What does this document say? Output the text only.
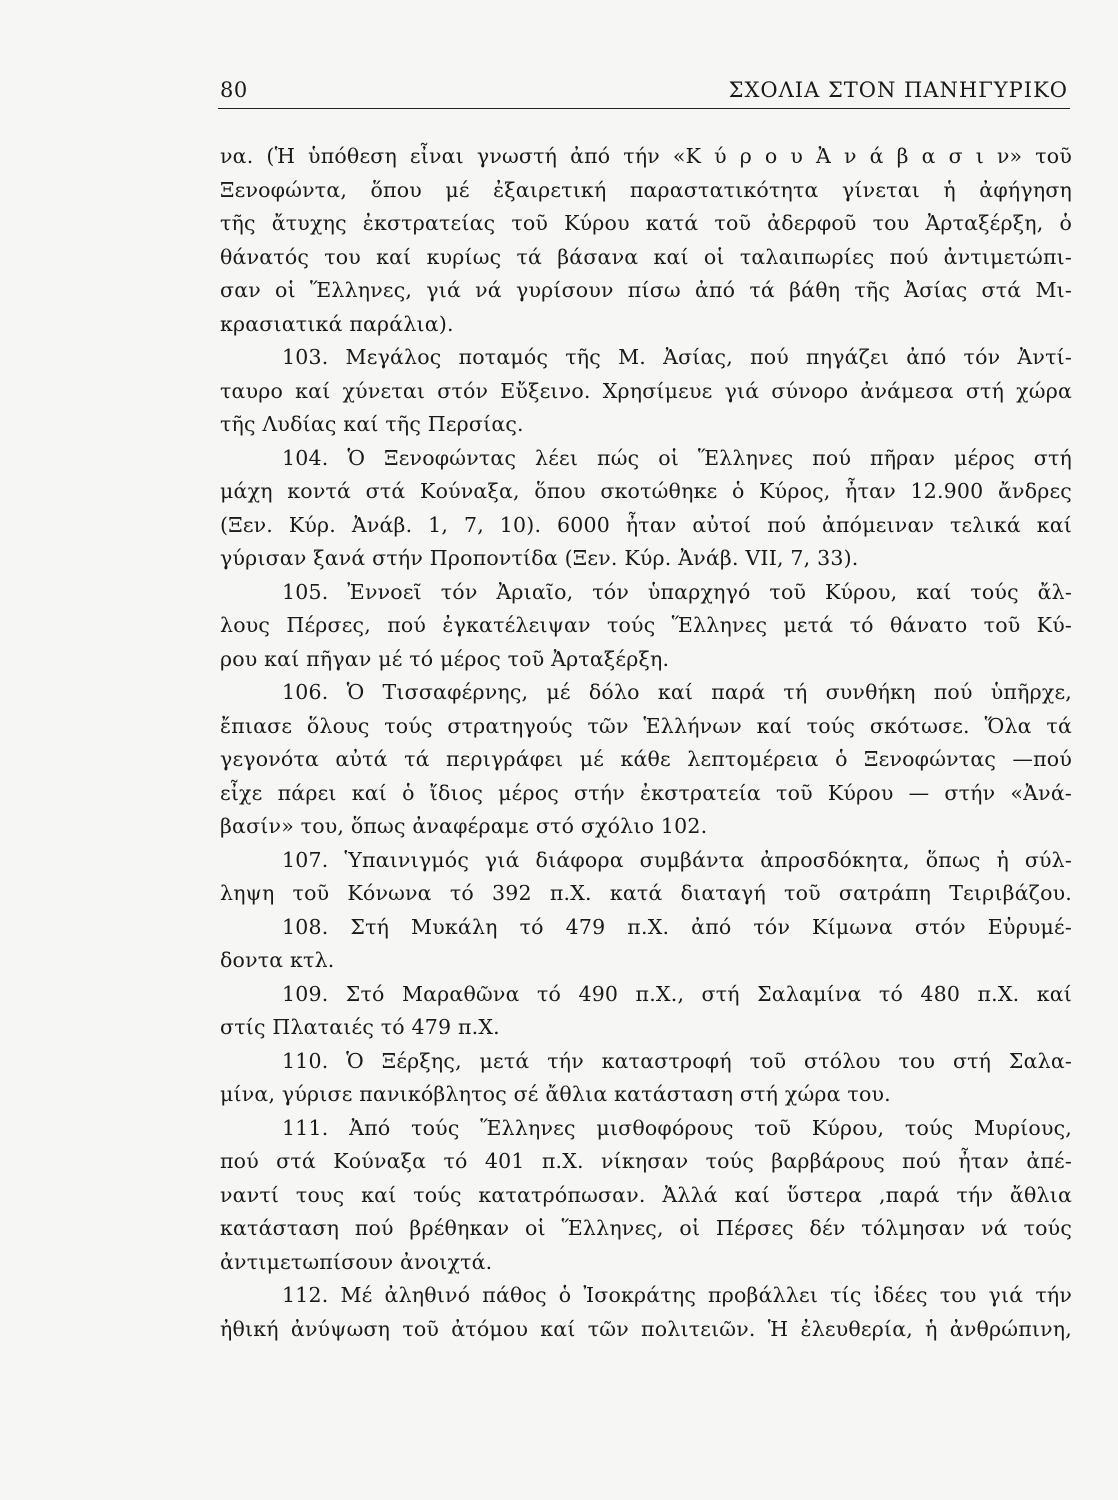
80	ΣΧΟΛΙΑ ΣΤΟΝ ΠΑΝΗΓΥΡΙΚΟ
να. (Ἡ ὑπόθεση εἶναι γνωστή ἀπό τήν «Κ ύ ρ ο υ Ἀ ν ά β α σ ι ν» τοῦ
Ξενοφώντα, ὅπου μέ ἐξαιρετική παραστατικότητα γίνεται ἡ ἀφήγηση
τῆς ἄτυχης ἐκστρατείας τοῦ Κύρου κατά τοῦ ἀδερφοῦ του Ἀρταξέρξη, ὁ
θάνατός του καί κυρίως τά βάσανα καί οἱ ταλαιπωρίες πού ἀντιμετώπι-
σαν οἱ Ἕλληνες, γιά νά γυρίσουν πίσω ἀπό τά βάθη τῆς Ἀσίας στά Μι-
κρασιατικά παράλια).
103. Μεγάλος ποταμός τῆς Μ. Ἀσίας, πού πηγάζει ἀπό τόν Ἀντί-
ταυρο καί χύνεται στόν Εὔξεινο. Χρησίμευε γιά σύνορο ἀνάμεσα στή χώρα
τῆς Λυδίας καί τῆς Περσίας.
104. Ὁ Ξενοφώντας λέει πώς οἱ Ἕλληνες πού πῆραν μέρος στή
μάχη κοντά στά Κούναξα, ὅπου σκοτώθηκε ὁ Κύρος, ἦταν 12.900 ἄνδρες
(Ξεν. Κύρ. Ἀνάβ. 1, 7, 10). 6000 ἦταν αὐτοί πού ἀπόμειναν τελικά καί
γύρισαν ξανά στήν Προποντίδα (Ξεν. Κύρ. Ἀνάβ. VII, 7, 33).
105. Ἐννοεῖ τόν Ἀριαῖο, τόν ὑπαρχηγό τοῦ Κύρου, καί τούς ἄλ-
λους Πέρσες, πού ἐγκατέλειψαν τούς Ἕλληνες μετά τό θάνατο τοῦ Κύ-
ρου καί πῆγαν μέ τό μέρος τοῦ Ἀρταξέρξη.
106. Ὁ Τισσαφέρνης, μέ δόλο καί παρά τή συνθήκη πού ὑπῆρχε,
ἔπιασε ὅλους τούς στρατηγούς τῶν Ἑλλήνων καί τούς σκότωσε. Ὅλα τά
γεγονότα αὐτά τά περιγράφει μέ κάθε λεπτομέρεια ὁ Ξενοφώντας —πού
εἶχε πάρει καί ὁ ἴδιος μέρος στήν ἐκστρατεία τοῦ Κύρου — στήν «Ἀνά-
βασίν» του, ὅπως ἀναφέραμε στό σχόλιο 102.
107. Ὑπαινιγμός γιά διάφορα συμβάντα ἀπροσδόκητα, ὅπως ἡ σύλ-
ληψη τοῦ Κόνωνα τό 392 π.Χ. κατά διαταγή τοῦ σατράπη Τειριβάζου.
108. Στή Μυκάλη τό 479 π.Χ. ἀπό τόν Κίμωνα στόν Εὐρυμέ-
δοντα κτλ.
109. Στό Μαραθῶνα τό 490 π.Χ., στή Σαλαμίνα τό 480 π.Χ. καί
στίς Πλαταιές τό 479 π.Χ.
110. Ὁ Ξέρξης, μετά τήν καταστροφή τοῦ στόλου του στή Σαλα-
μίνα, γύρισε πανικόβλητος σέ ἄθλια κατάσταση στή χώρα του.
111. Ἀπό τούς Ἕλληνες μισθοφόρους τοῦ Κύρου, τούς Μυρίους,
πού στά Κούναξα τό 401 π.Χ. νίκησαν τούς βαρβάρους πού ἦταν ἀπέ-
ναντί τους καί τούς κατατρόπωσαν. Ἀλλά καί ὕστερα ,παρά τήν ἄθλια
κατάσταση πού βρέθηκαν οἱ Ἕλληνες, οἱ Πέρσες δέν τόλμησαν νά τούς
ἀντιμετωπίσουν ἀνοιχτά.
112. Μέ ἀληθινό πάθος ὁ Ἰσοκράτης προβάλλει τίς ἰδέες του γιά τήν
ἠθική ἀνύψωση τοῦ ἀτόμου καί τῶν πολιτειῶν. Ἡ ἐλευθερία, ἡ ἀνθρώπινη,
